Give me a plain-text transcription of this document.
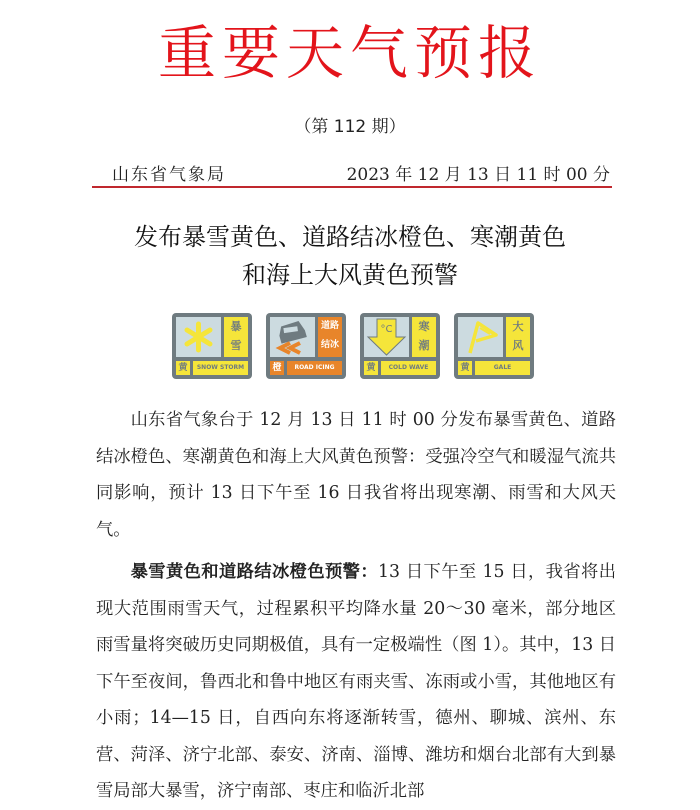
重要天气预报
（第 112 期）
山东省气象局	2023 年 12 月 13 日 11 时 00 分
发布暴雪黄色、道路结冰橙色、寒潮黄色
和海上大风黄色预警
暴
雪
黄	SNOW STORM
道路
结冰
橙	ROAD ICING
°C	寒
潮
黄	COLD WAVE
大
风
黄	GALE

山东省气象台于 12 月 13 日 11 时 00 分发布暴雪黄色、道路结冰橙色、寒潮黄色和海上大风黄色预警：受强冷空气和暖湿气流共同影响，预计 13 日下午至 16 日我省将出现寒潮、雨雪和大风天气。

暴雪黄色和道路结冰橙色预警：13 日下午至 15 日，我省将出现大范围雨雪天气，过程累积平均降水量 20～30 毫米，部分地区雨雪量将突破历史同期极值，具有一定极端性（图 1）。其中，13 日下午至夜间，鲁西北和鲁中地区有雨夹雪、冻雨或小雪，其他地区有小雨；14—15 日，自西向东将逐渐转雪，德州、聊城、滨州、东营、菏泽、济宁北部、泰安、济南、淄博、潍坊和烟台北部有大到暴雪局部大暴雪，济宁南部、枣庄和临沂北部
